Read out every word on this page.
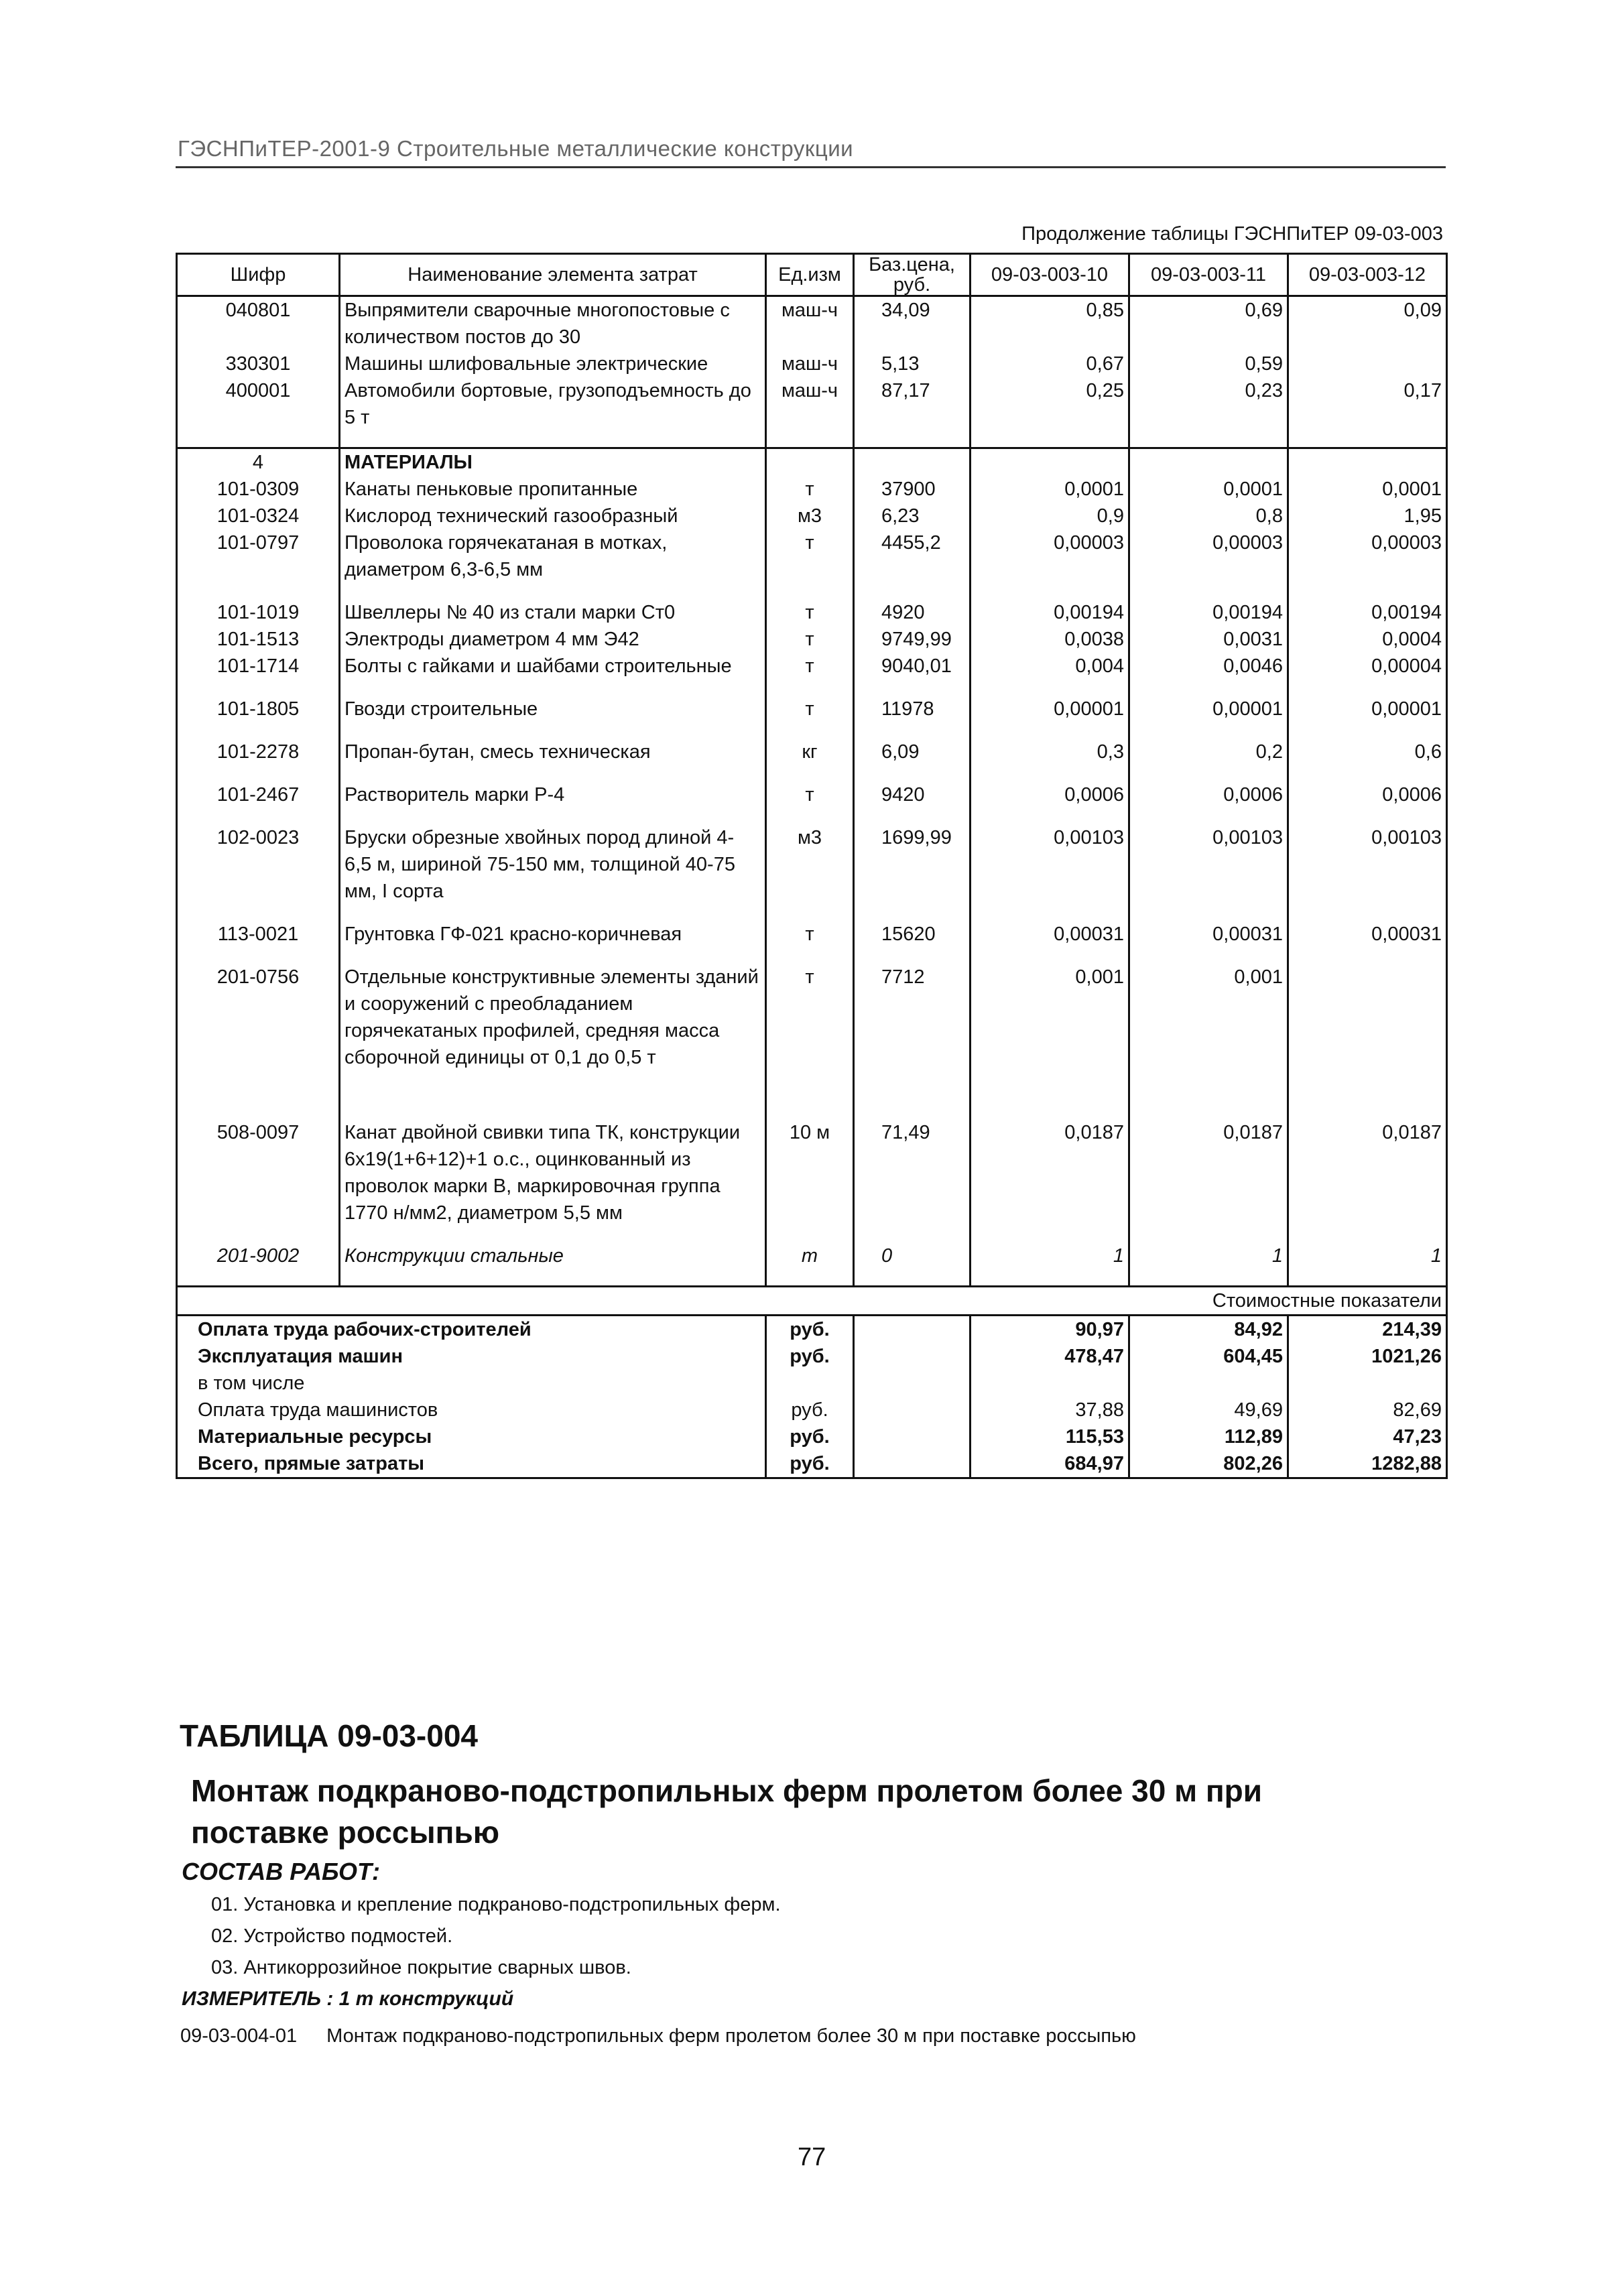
ГЭСНПиТЕР-2001-9 Строительные металлические конструкции
Продолжение таблицы ГЭСНПиТЕР 09-03-003
Шифр	Наименование элемента затрат	Ед.изм	Баз.цена, руб.	09-03-003-10	09-03-003-11	09-03-003-12
040801	Выпрямители сварочные многопостовые с количеством постов до 30	маш-ч	34,09	0,85	0,69	0,09
330301	Машины шлифовальные электрические	маш-ч	5,13	0,67	0,59	
400001	Автомобили бортовые, грузоподъемность до 5 т	маш-ч	87,17	0,25	0,23	0,17

4	МАТЕРИАЛЫ					
101-0309	Канаты пеньковые пропитанные	т	37900	0,0001	0,0001	0,0001
101-0324	Кислород технический газообразный	м3	6,23	0,9	0,8	1,95
101-0797	Проволока горячекатаная в мотках, диаметром 6,3-6,5 мм	т	4455,2	0,00003	0,00003	0,00003

101-1019	Швеллеры № 40 из стали марки Ст0	т	4920	0,00194	0,00194	0,00194
101-1513	Электроды диаметром 4 мм Э42	т	9749,99	0,0038	0,0031	0,0004
101-1714	Болты с гайками и шайбами строительные	т	9040,01	0,004	0,0046	0,00004

101-1805	Гвозди строительные	т	11978	0,00001	0,00001	0,00001

101-2278	Пропан-бутан, смесь техническая	кг	6,09	0,3	0,2	0,6

101-2467	Растворитель марки Р-4	т	9420	0,0006	0,0006	0,0006

102-0023	Бруски обрезные хвойных пород длиной 4-6,5 м, шириной 75-150 мм, толщиной 40-75 мм, I сорта	м3	1699,99	0,00103	0,00103	0,00103

113-0021	Грунтовка ГФ-021 красно-коричневая	т	15620	0,00031	0,00031	0,00031

201-0756	Отдельные конструктивные элементы зданий и сооружений с преобладанием горячекатаных профилей, средняя масса сборочной единицы от 0,1 до 0,5 т	т	7712	0,001	0,001	

508-0097	Канат двойной свивки типа ТК, конструкции 6х19(1+6+12)+1 о.с., оцинкованный из проволок марки В, маркировочная группа 1770 н/мм2, диаметром 5,5 мм	10 м	71,49	0,0187	0,0187	0,0187

201-9002	Конструкции стальные	т	0	1	1	1

Стоимостные показатели						
Оплата труда рабочих-строителей		руб.		90,97	84,92	214,39
Эксплуатация машин		руб.		478,47	604,45	1021,26
в том числе						
Оплата труда машинистов		руб.		37,88	49,69	82,69
Материальные ресурсы		руб.		115,53	112,89	47,23
Всего, прямые затраты		руб.		684,97	802,26	1282,88
ТАБЛИЦА 09-03-004
Монтаж подкраново-подстропильных ферм пролетом более 30 м при поставке россыпью
СОСТАВ РАБОТ:
01. Установка и крепление подкраново-подстропильных ферм.
02. Устройство подмостей.
03. Антикоррозийное покрытие сварных швов.
ИЗМЕРИТЕЛЬ : 1 т конструкций
09-03-004-01 Монтаж подкраново-подстропильных ферм пролетом более 30 м при поставке россыпью
77
